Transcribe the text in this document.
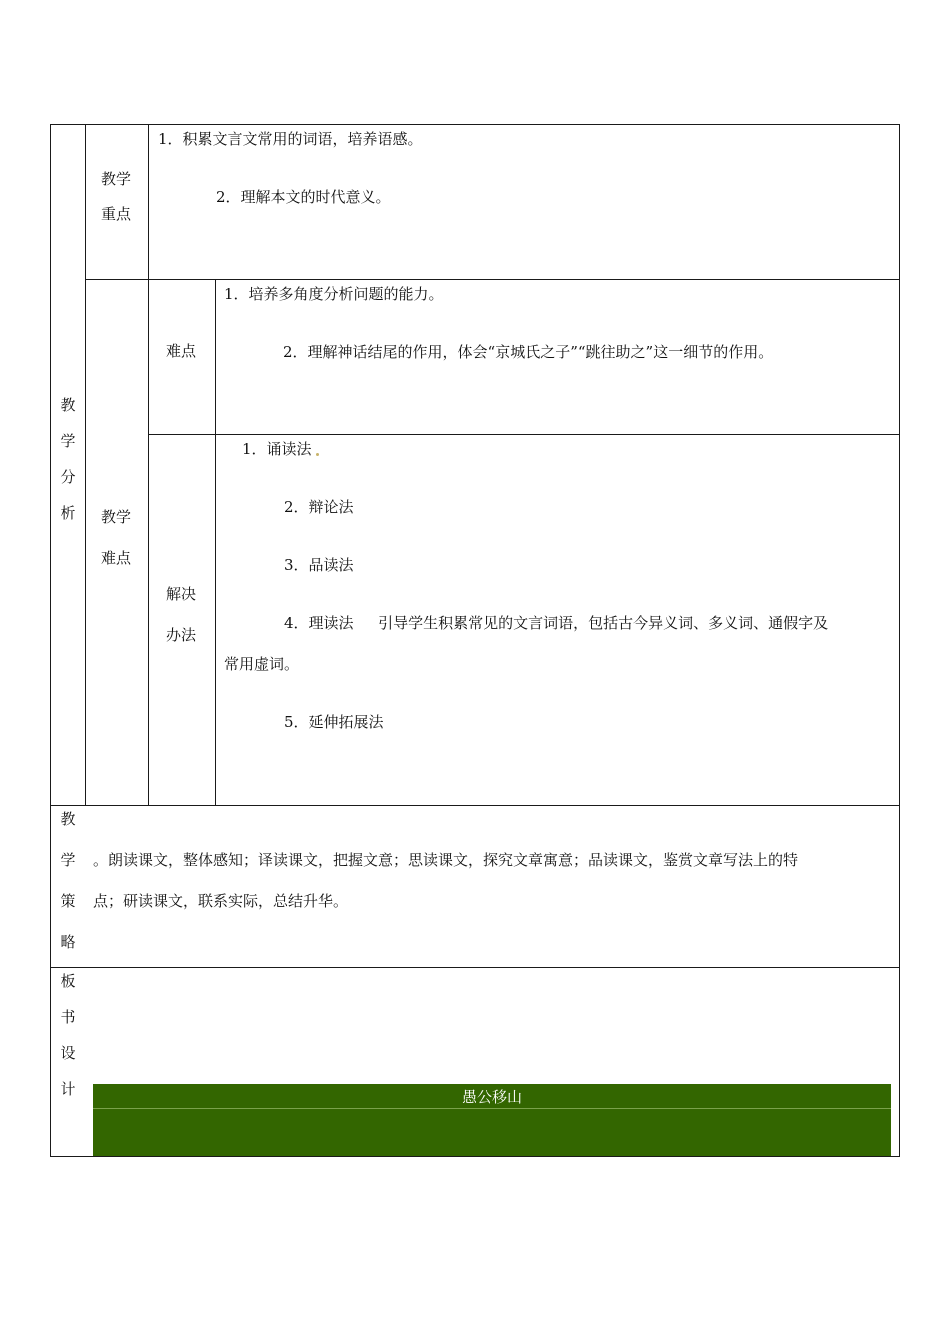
教
学
分
析
教学
重点
1．积累文言文常用的词语，培养语感。
2．理解本文的时代意义。
教学
难点
难点
1．培养多角度分析问题的能力。
2．理解神话结尾的作用，体会“京城氏之子”“跳往助之”这一细节的作用。
解决
办法
1．诵读法
2．辩论法
3．品读法
4．理读法　  引导学生积累常见的文言词语，包括古今异义词、多义词、通假字及
常用虚词。
5．延伸拓展法
教
学
策
略
。朗读课文，整体感知；译读课文，把握文意；思读课文，探究文章寓意；品读课文，鉴赏文章写法上的特
点；研读课文，联系实际，总结升华。
板
书
设
计	愚公移山
